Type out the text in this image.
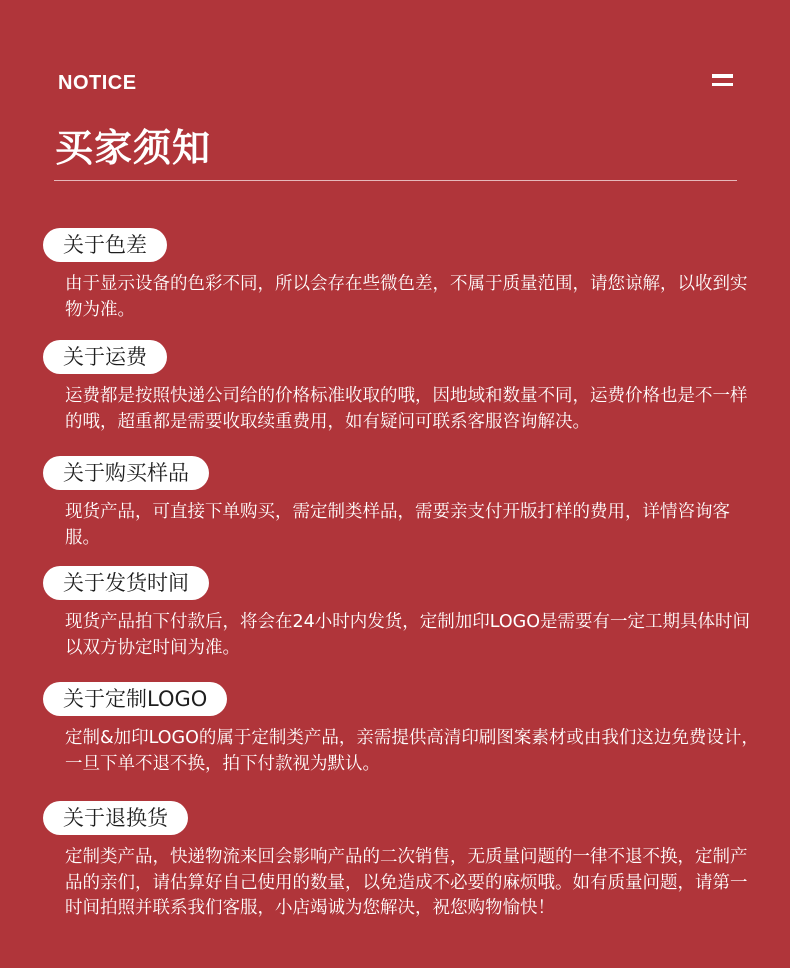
NOTICE
买家须知
关于色差
由于显示设备的色彩不同，所以会存在些微色差，不属于质量范围，请您谅解，以收到实物为准。
关于运费
运费都是按照快递公司给的价格标准收取的哦，因地域和数量不同，运费价格也是不一样的哦，超重都是需要收取续重费用，如有疑问可联系客服咨询解决。
关于购买样品
现货产品，可直接下单购买，需定制类样品，需要亲支付开版打样的费用，详情咨询客服。
关于发货时间
现货产品拍下付款后，将会在24小时内发货，定制加印LOGO是需要有一定工期具体时间以双方协定时间为准。
关于定制LOGO
定制&加印LOGO的属于定制类产品，亲需提供高清印刷图案素材或由我们这边免费设计，一旦下单不退不换，拍下付款视为默认。
关于退换货
定制类产品，快递物流来回会影响产品的二次销售，无质量问题的一律不退不换，定制产品的亲们，请估算好自己使用的数量，以免造成不必要的麻烦哦。如有质量问题，请第一时间拍照并联系我们客服，小店竭诚为您解决，祝您购物愉快！
